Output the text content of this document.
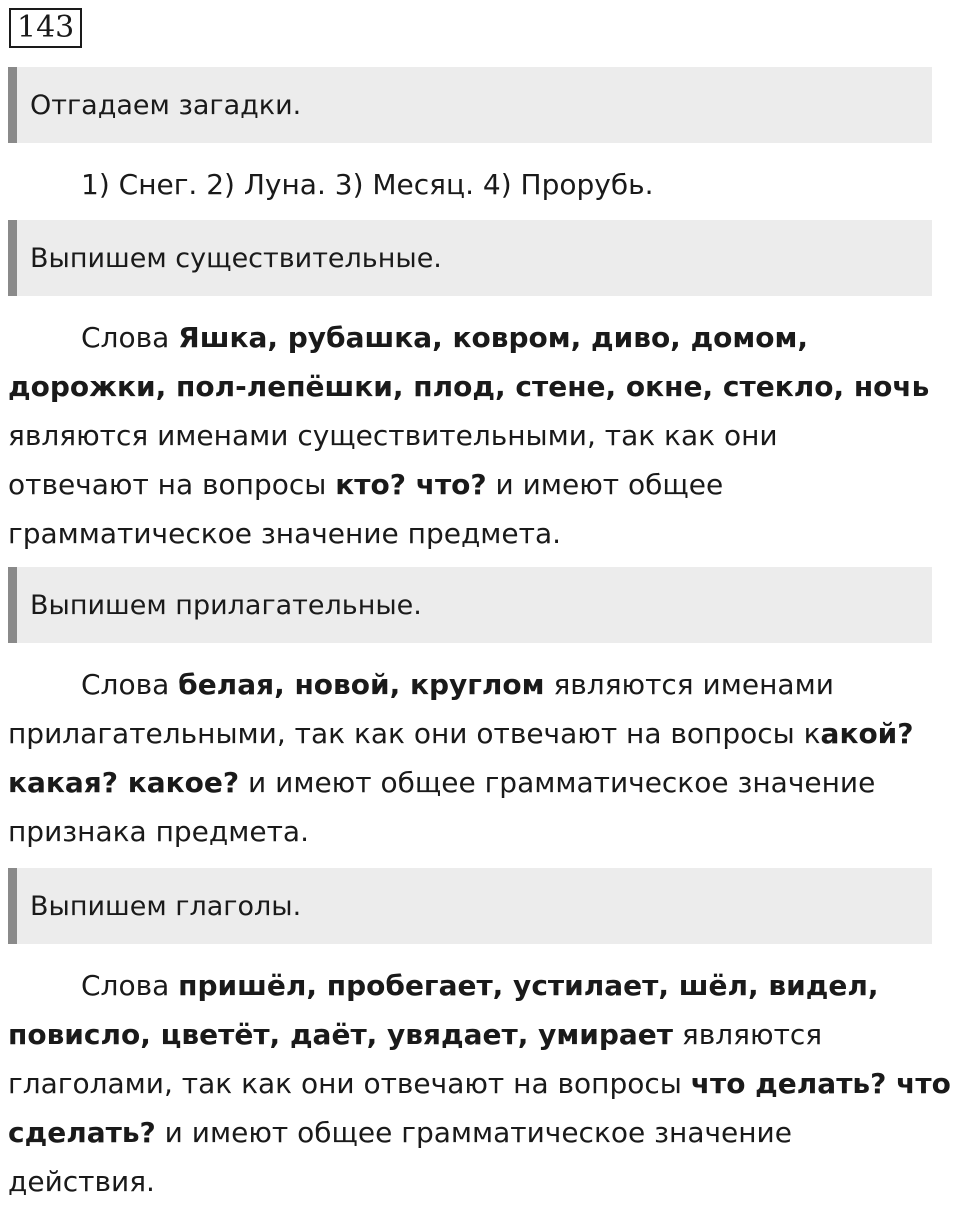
143
Отгадаем загадки.
1) Снег. 2) Луна. 3) Месяц. 4) Прорубь.
Выпишем существительные.
Слова Яшка, рубашка, ковром, диво, домом,
дорожки, пол-лепёшки, плод, стене, окне, стекло, ночь
являются именами существительными, так как они
отвечают на вопросы кто? что? и имеют общее
грамматическое значение предмета.
Выпишем прилагательные.
Слова белая, новой, круглом являются именами
прилагательными, так как они отвечают на вопросы какой?
какая? какое? и имеют общее грамматическое значение
признака предмета.
Выпишем глаголы.
Слова пришёл, пробегает, устилает, шёл, видел,
повисло, цветёт, даёт, увядает, умирает являются
глаголами, так как они отвечают на вопросы что делать? что
сделать? и имеют общее грамматическое значение
действия.
